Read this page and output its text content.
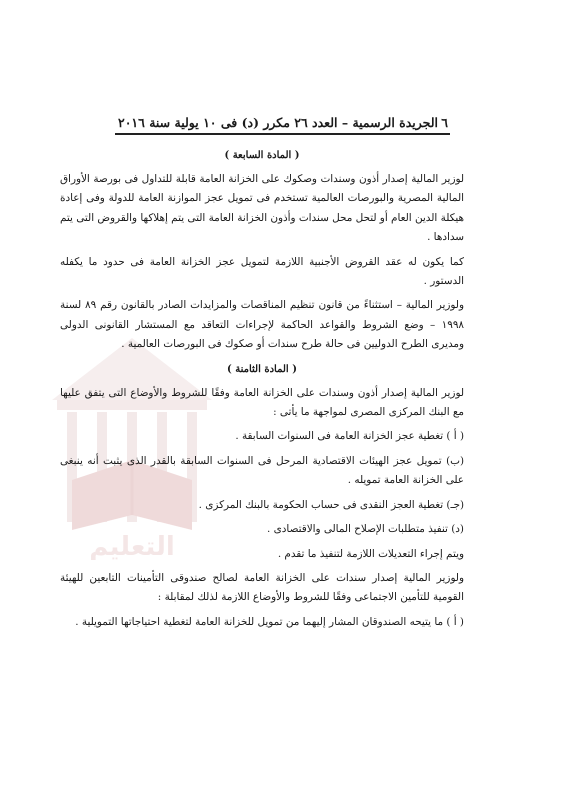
٦
الجريدة الرسمية – العدد ٢٦ مكرر (د) فى ١٠ يولية سنة ٢٠١٦
التعليم
( المادة السابعة )
لوزير المالية إصدار أذون وسندات وصكوك على الخزانة العامة قابلة للتداول فى بورصة الأوراق المالية المصرية والبورصات العالمية تستخدم فى تمويل عجز الموازنة العامة للدولة وفى إعادة هيكلة الدين العام أو لتحل محل سندات وأذون الخزانة العامة التى يتم إهلاكها والقروض التى يتم سدادها .
كما يكون له عقد القروض الأجنبية اللازمة لتمويل عجز الخزانة العامة فى حدود ما يكفله الدستور .
ولوزير المالية – استثناءً من قانون تنظيم المناقصات والمزايدات الصادر بالقانون رقم ٨٩ لسنة ١٩٩٨ – وضع الشروط والقواعد الحاكمة لإجراءات التعاقد مع المستشار القانونى الدولى ومديرى الطرح الدوليين فى حالة طرح سندات أو صكوك فى البورصات العالمية .
( المادة الثامنة )
لوزير المالية إصدار أذون وسندات على الخزانة العامة وفقًا للشروط والأوضاع التى يتفق عليها مع البنك المركزى المصرى لمواجهة ما يأتى :
( أ ) تغطية عجز الخزانة العامة فى السنوات السابقة .
(ب) تمويل عجز الهيئات الاقتصادية المرحل فى السنوات السابقة بالقدر الذى يثبت أنه ينبغى على الخزانة العامة تمويله .
(جـ) تغطية العجز النقدى فى حساب الحكومة بالبنك المركزى .
(د) تنفيذ متطلبات الإصلاح المالى والاقتصادى .
ويتم إجراء التعديلات اللازمة لتنفيذ ما تقدم .
ولوزير المالية إصدار سندات على الخزانة العامة لصالح صندوقى التأمينات التابعين للهيئة القومية للتأمين الاجتماعى وفقًا للشروط والأوضاع اللازمة لذلك لمقابلة :
( أ ) ما يتيحه الصندوقان المشار إليهما من تمويل للخزانة العامة لتغطية احتياجاتها التمويلية .
